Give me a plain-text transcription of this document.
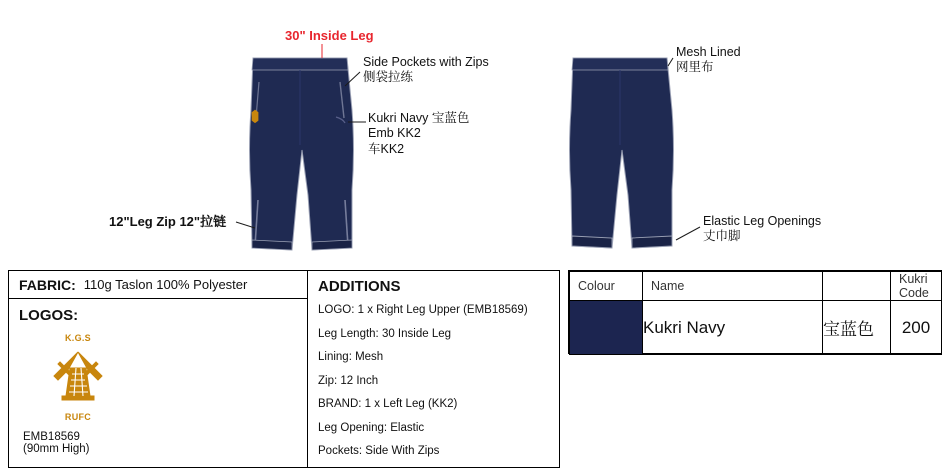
30" Inside Leg
Side Pockets with Zips
侧袋拉练
Kukri Navy 宝蓝色
Emb KK2
车KK2
12"Leg Zip 12"拉链
Mesh Lined
网里布
Elastic Leg Openings
丈巾脚
FABRIC: 110g Taslon 100% Polyester
LOGOS:
K.G.S
RUFC
EMB18569
(90mm High)
ADDITIONS
LOGO: 1 x Right Leg Upper (EMB18569)
Leg Length: 30 Inside Leg
Lining: Mesh
Zip: 12 Inch
BRAND: 1 x Left Leg (KK2)
Leg Opening: Elastic
Pockets: Side With Zips
Colour	Name		Kukri Code
	Kukri Navy	宝蓝色	200
